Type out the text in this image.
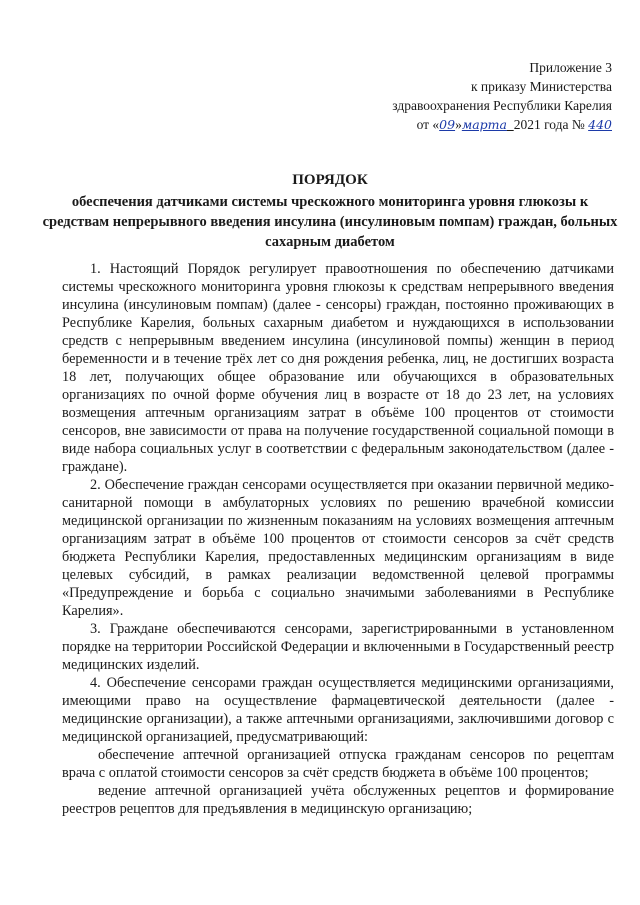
Приложение 3
к приказу Министерства
здравоохранения Республики Карелия
от «09»марта 2021 года № 440
ПОРЯДОК
обеспечения датчиками системы чрескожного мониторинга уровня глюкозы к средствам непрерывного введения инсулина (инсулиновым помпам) граждан, больных сахарным диабетом

1. Настоящий Порядок регулирует правоотношения по обеспечению датчиками системы чрескожного мониторинга уровня глюкозы к средствам непрерывного введения инсулина (инсулиновым помпам) (далее - сенсоры) граждан, постоянно проживающих в Республике Карелия, больных сахарным диабетом и нуждающихся в использовании средств с непрерывным введением инсулина (инсулиновой помпы) женщин в период беременности и в течение трёх лет со дня рождения ребенка, лиц, не достигших возраста 18 лет, получающих общее образование или обучающихся в образовательных организациях по очной форме обучения лиц в возрасте от 18 до 23 лет, на условиях возмещения аптечным организациям затрат в объёме 100 процентов от стоимости сенсоров, вне зависимости от права на получение государственной социальной помощи в виде набора социальных услуг в соответствии с федеральным законодательством (далее - граждане).

2. Обеспечение граждан сенсорами осуществляется при оказании первичной медико-санитарной помощи в амбулаторных условиях по решению врачебной комиссии медицинской организации по жизненным показаниям на условиях возмещения аптечным организациям затрат в объёме 100 процентов от стоимости сенсоров за счёт средств бюджета Республики Карелия, предоставленных медицинским организациям в виде целевых субсидий, в рамках реализации ведомственной целевой программы «Предупреждение и борьба с социально значимыми заболеваниями в Республике Карелия».

3. Граждане обеспечиваются сенсорами, зарегистрированными в установленном порядке на территории Российской Федерации и включенными в Государственный реестр медицинских изделий.

4. Обеспечение сенсорами граждан осуществляется медицинскими организациями, имеющими право на осуществление фармацевтической деятельности (далее - медицинские организации), а также аптечными организациями, заключившими договор с медицинской организацией, предусматривающий:

обеспечение аптечной организацией отпуска гражданам сенсоров по рецептам врача с оплатой стоимости сенсоров за счёт средств бюджета в объёме 100 процентов;

ведение аптечной организацией учёта обслуженных рецептов и формирование реестров рецептов для предъявления в медицинскую организацию;
